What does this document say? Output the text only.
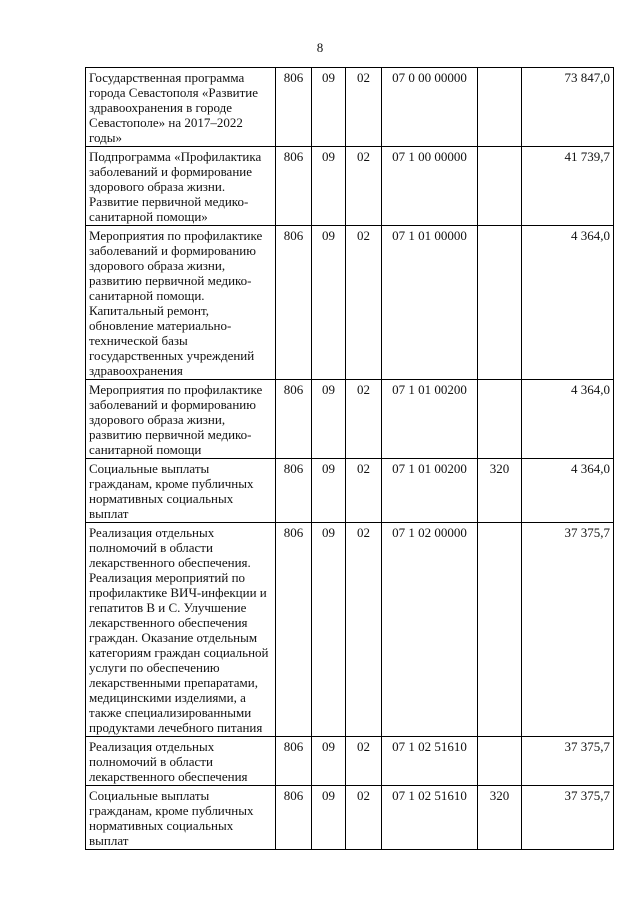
8
Государственная программа города Севастополя «Развитие здравоохранения в городе Севастополе» на 2017–2022 годы»	806	09	02	07 0 00 00000		73 847,0
Подпрограмма «Профилактика заболеваний и формирование здорового образа жизни. Развитие первичной медико-санитарной помощи»	806	09	02	07 1 00 00000		41 739,7
Мероприятия по профилактике заболеваний и формированию здорового образа жизни, развитию первичной медико-санитарной помощи. Капитальный ремонт, обновление материально-технической базы государственных учреждений здравоохранения	806	09	02	07 1 01 00000		4 364,0
Мероприятия по профилактике заболеваний и формированию здорового образа жизни, развитию первичной медико-санитарной помощи	806	09	02	07 1 01 00200		4 364,0
Социальные выплаты гражданам, кроме публичных нормативных социальных выплат	806	09	02	07 1 01 00200	320	4 364,0
Реализация отдельных полномочий в области лекарственного обеспечения. Реализация мероприятий по профилактике ВИЧ-инфекции и гепатитов В и С. Улучшение лекарственного обеспечения граждан. Оказание отдельным категориям граждан социальной услуги по обеспечению лекарственными препаратами, медицинскими изделиями, а также специализированными продуктами лечебного питания	806	09	02	07 1 02 00000		37 375,7
Реализация отдельных полномочий в области лекарственного обеспечения	806	09	02	07 1 02 51610		37 375,7
Социальные выплаты гражданам, кроме публичных нормативных социальных выплат	806	09	02	07 1 02 51610	320	37 375,7
